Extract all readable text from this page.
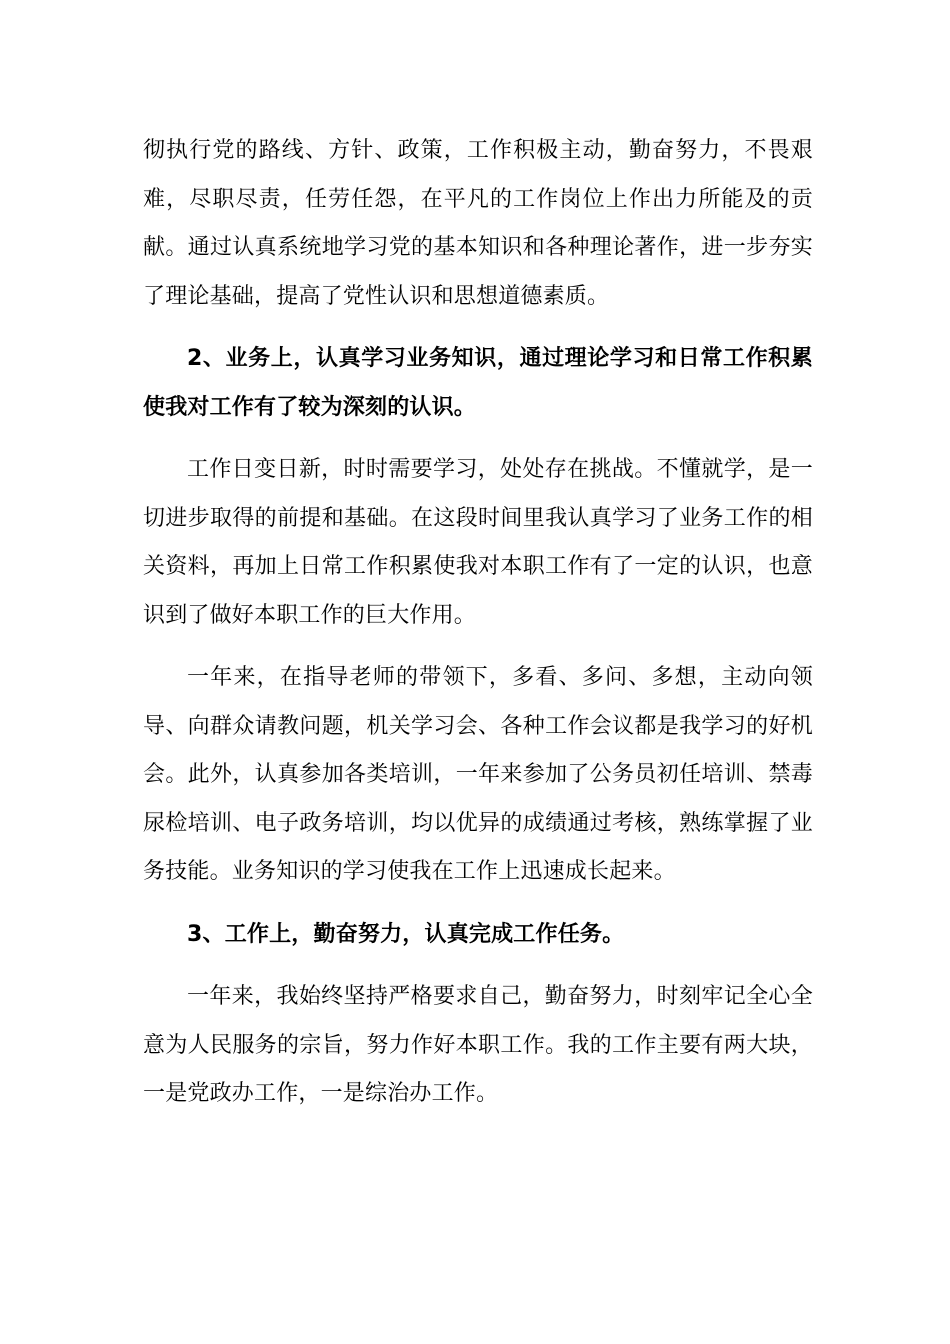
彻执行党的路线、方针、政策，工作积极主动，勤奋努力，不畏艰难，尽职尽责，任劳任怨，在平凡的工作岗位上作出力所能及的贡献。通过认真系统地学习党的基本知识和各种理论著作，进一步夯实了理论基础，提高了党性认识和思想道德素质。

2、业务上，认真学习业务知识，通过理论学习和日常工作积累使我对工作有了较为深刻的认识。

工作日变日新，时时需要学习，处处存在挑战。不懂就学，是一切进步取得的前提和基础。在这段时间里我认真学习了业务工作的相关资料，再加上日常工作积累使我对本职工作有了一定的认识，也意识到了做好本职工作的巨大作用。

一年来，在指导老师的带领下，多看、多问、多想，主动向领导、向群众请教问题，机关学习会、各种工作会议都是我学习的好机会。此外，认真参加各类培训，一年来参加了公务员初任培训、禁毒尿检培训、电子政务培训，均以优异的成绩通过考核，熟练掌握了业务技能。业务知识的学习使我在工作上迅速成长起来。

3、工作上，勤奋努力，认真完成工作任务。

一年来，我始终坚持严格要求自己，勤奋努力，时刻牢记全心全意为人民服务的宗旨，努力作好本职工作。我的工作主要有两大块，一是党政办工作，一是综治办工作。
